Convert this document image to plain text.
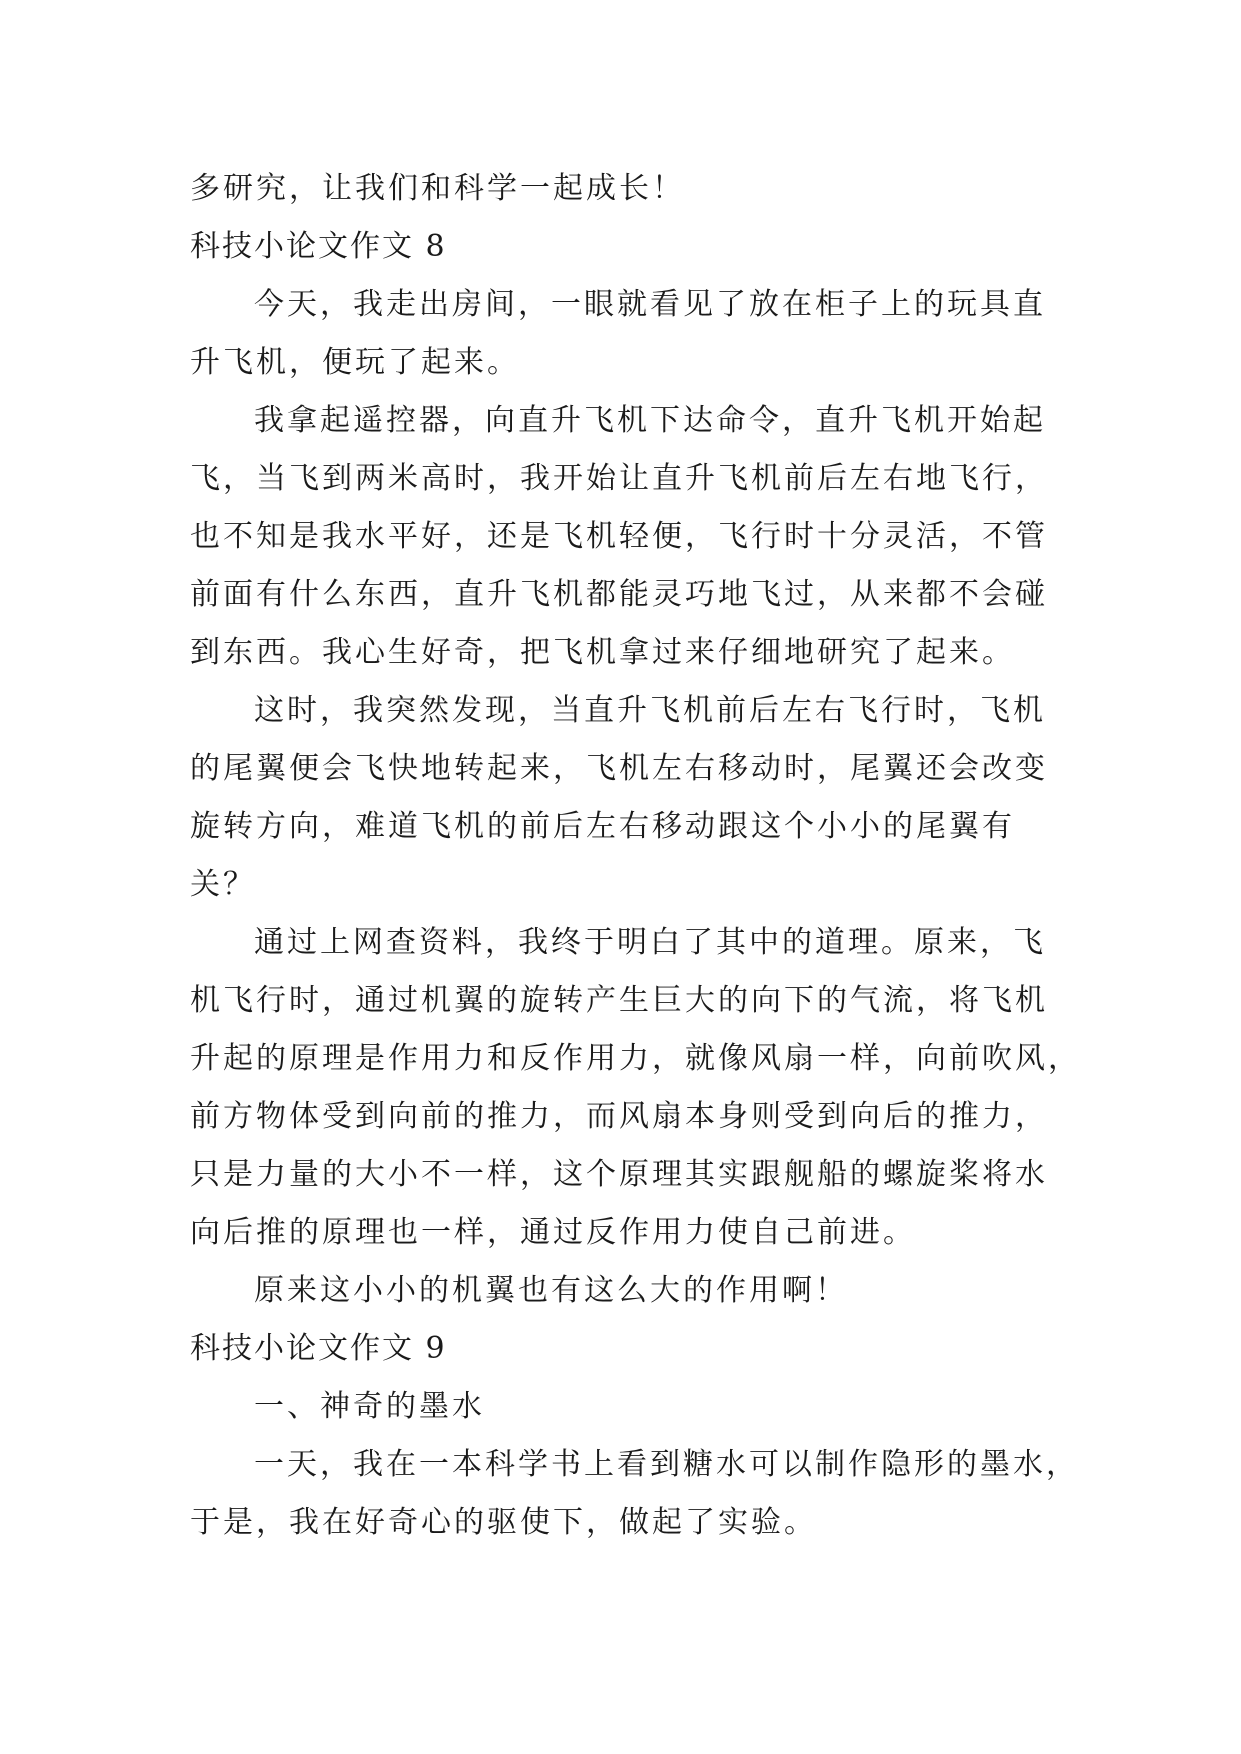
多研究，让我们和科学一起成长！
科技小论文作文 8
今天，我走出房间，一眼就看见了放在柜子上的玩具直
升飞机，便玩了起来。
我拿起遥控器，向直升飞机下达命令，直升飞机开始起
飞，当飞到两米高时，我开始让直升飞机前后左右地飞行，
也不知是我水平好，还是飞机轻便，飞行时十分灵活，不管
前面有什么东西，直升飞机都能灵巧地飞过，从来都不会碰
到东西。我心生好奇，把飞机拿过来仔细地研究了起来。
这时，我突然发现，当直升飞机前后左右飞行时，飞机
的尾翼便会飞快地转起来，飞机左右移动时，尾翼还会改变
旋转方向，难道飞机的前后左右移动跟这个小小的尾翼有
关？
通过上网查资料，我终于明白了其中的道理。原来，飞
机飞行时，通过机翼的旋转产生巨大的向下的气流，将飞机
升起的原理是作用力和反作用力，就像风扇一样，向前吹风，
前方物体受到向前的推力，而风扇本身则受到向后的推力，
只是力量的大小不一样，这个原理其实跟舰船的螺旋桨将水
向后推的原理也一样，通过反作用力使自己前进。
原来这小小的机翼也有这么大的作用啊！
科技小论文作文 9
一、神奇的墨水
一天，我在一本科学书上看到糖水可以制作隐形的墨水，
于是，我在好奇心的驱使下，做起了实验。
